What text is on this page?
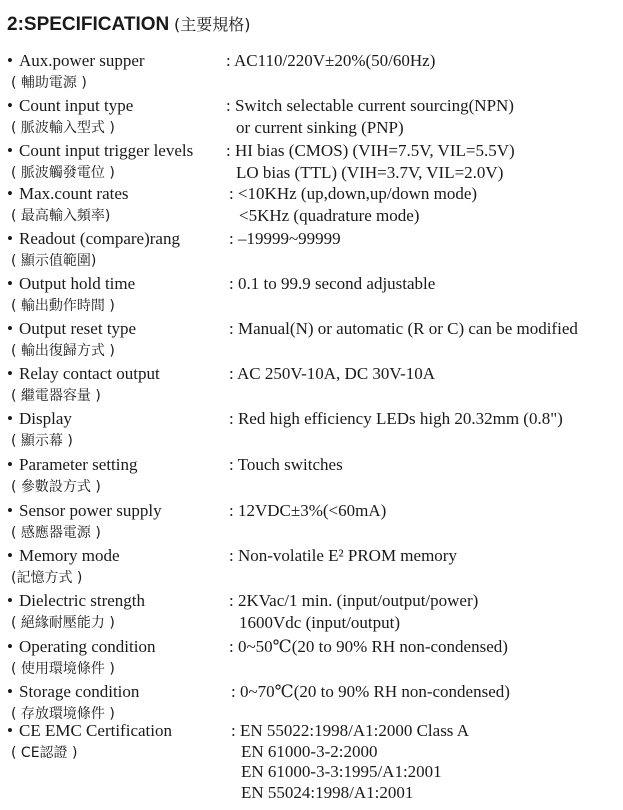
2:SPECIFICATION (主要規格)
• Aux.power supper
( 輔助電源 )
: AC110/220V±20%(50/60Hz)
• Count input type
( 脈波輸入型式 )
: Switch selectable current sourcing(NPN)
or current sinking (PNP)
• Count input trigger levels
( 脈波觸發電位 )
: HI bias (CMOS) (VIH=7.5V, VIL=5.5V)
LO bias (TTL) (VIH=3.7V, VIL=2.0V)
• Max.count rates
( 最高輸入頻率)
: <10KHz (up,down,up/down mode)
<5KHz (quadrature mode)
• Readout (compare)rang
( 顯示值範圍)
: –19999~99999
• Output hold time
( 輸出動作時間 )
: 0.1 to 99.9 second adjustable
• Output reset type
( 輸出復歸方式 )
: Manual(N) or automatic (R or C) can be modified
• Relay contact output
( 繼電器容量 )
: AC 250V-10A, DC 30V-10A
• Display
( 顯示幕 )
: Red high efficiency LEDs high 20.32mm (0.8")
• Parameter setting
( 參數設方式 )
: Touch switches
• Sensor power supply
( 感應器電源 )
: 12VDC±3%(<60mA)
• Memory mode
(記憶方式 )
: Non-volatile E² PROM memory
• Dielectric strength
( 絕緣耐壓能力 )
: 2KVac/1 min. (input/output/power)
1600Vdc (input/output)
• Operating condition
( 使用環境條件 )
: 0~50℃(20 to 90% RH non-condensed)
• Storage condition
( 存放環境條件 )
: 0~70℃(20 to 90% RH non-condensed)
• CE EMC Certification
( CE認證 )
: EN 55022:1998/A1:2000 Class A
EN 61000-3-2:2000
EN 61000-3-3:1995/A1:2001
EN 55024:1998/A1:2001
